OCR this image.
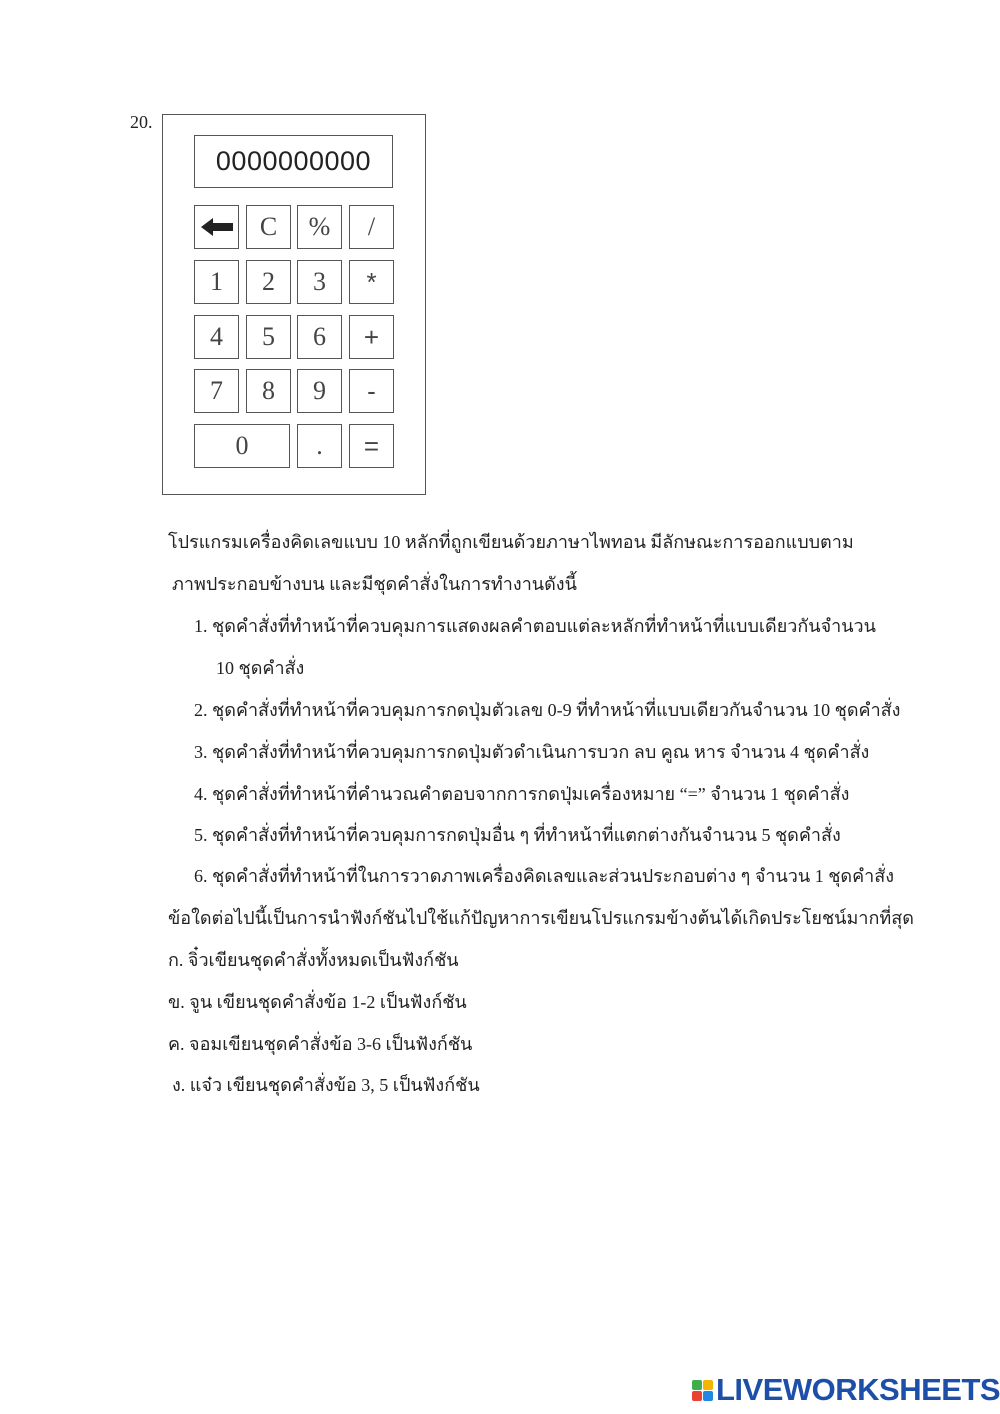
20.
0000000000
C	%	/
1	2	3	*
4	5	6	+
7	8	9	-
0	.	=
โปรแกรมเครื่องคิดเลขแบบ 10 หลักที่ถูกเขียนด้วยภาษาไพทอน มีลักษณะการออกแบบตาม
ภาพประกอบข้างบน และมีชุดคำสั่งในการทำงานดังนี้
1. ชุดคำสั่งที่ทำหน้าที่ควบคุมการแสดงผลคำตอบแต่ละหลักที่ทำหน้าที่แบบเดียวกันจำนวน
10 ชุดคำสั่ง
2. ชุดคำสั่งที่ทำหน้าที่ควบคุมการกดปุ่มตัวเลข 0-9 ที่ทำหน้าที่แบบเดียวกันจำนวน 10 ชุดคำสั่ง
3. ชุดคำสั่งที่ทำหน้าที่ควบคุมการกดปุ่มตัวดำเนินการบวก ลบ คูณ หาร จำนวน 4 ชุดคำสั่ง
4. ชุดคำสั่งที่ทำหน้าที่คำนวณคำตอบจากการกดปุ่มเครื่องหมาย “=” จำนวน 1 ชุดคำสั่ง
5. ชุดคำสั่งที่ทำหน้าที่ควบคุมการกดปุ่มอื่น ๆ ที่ทำหน้าที่แตกต่างกันจำนวน 5 ชุดคำสั่ง
6. ชุดคำสั่งที่ทำหน้าที่ในการวาดภาพเครื่องคิดเลขและส่วนประกอบต่าง ๆ จำนวน 1 ชุดคำสั่ง
ข้อใดต่อไปนี้เป็นการนำฟังก์ชันไปใช้แก้ปัญหาการเขียนโปรแกรมข้างต้นได้เกิดประโยชน์มากที่สุด
ก. จิ๋วเขียนชุดคำสั่งทั้งหมดเป็นฟังก์ชัน
ข. จูน เขียนชุดคำสั่งข้อ 1-2 เป็นฟังก์ชัน
ค. จอมเขียนชุดคำสั่งข้อ 3-6 เป็นฟังก์ชัน
ง. แจ๋ว เขียนชุดคำสั่งข้อ 3, 5 เป็นฟังก์ชัน
LIVEWORKSHEETS
